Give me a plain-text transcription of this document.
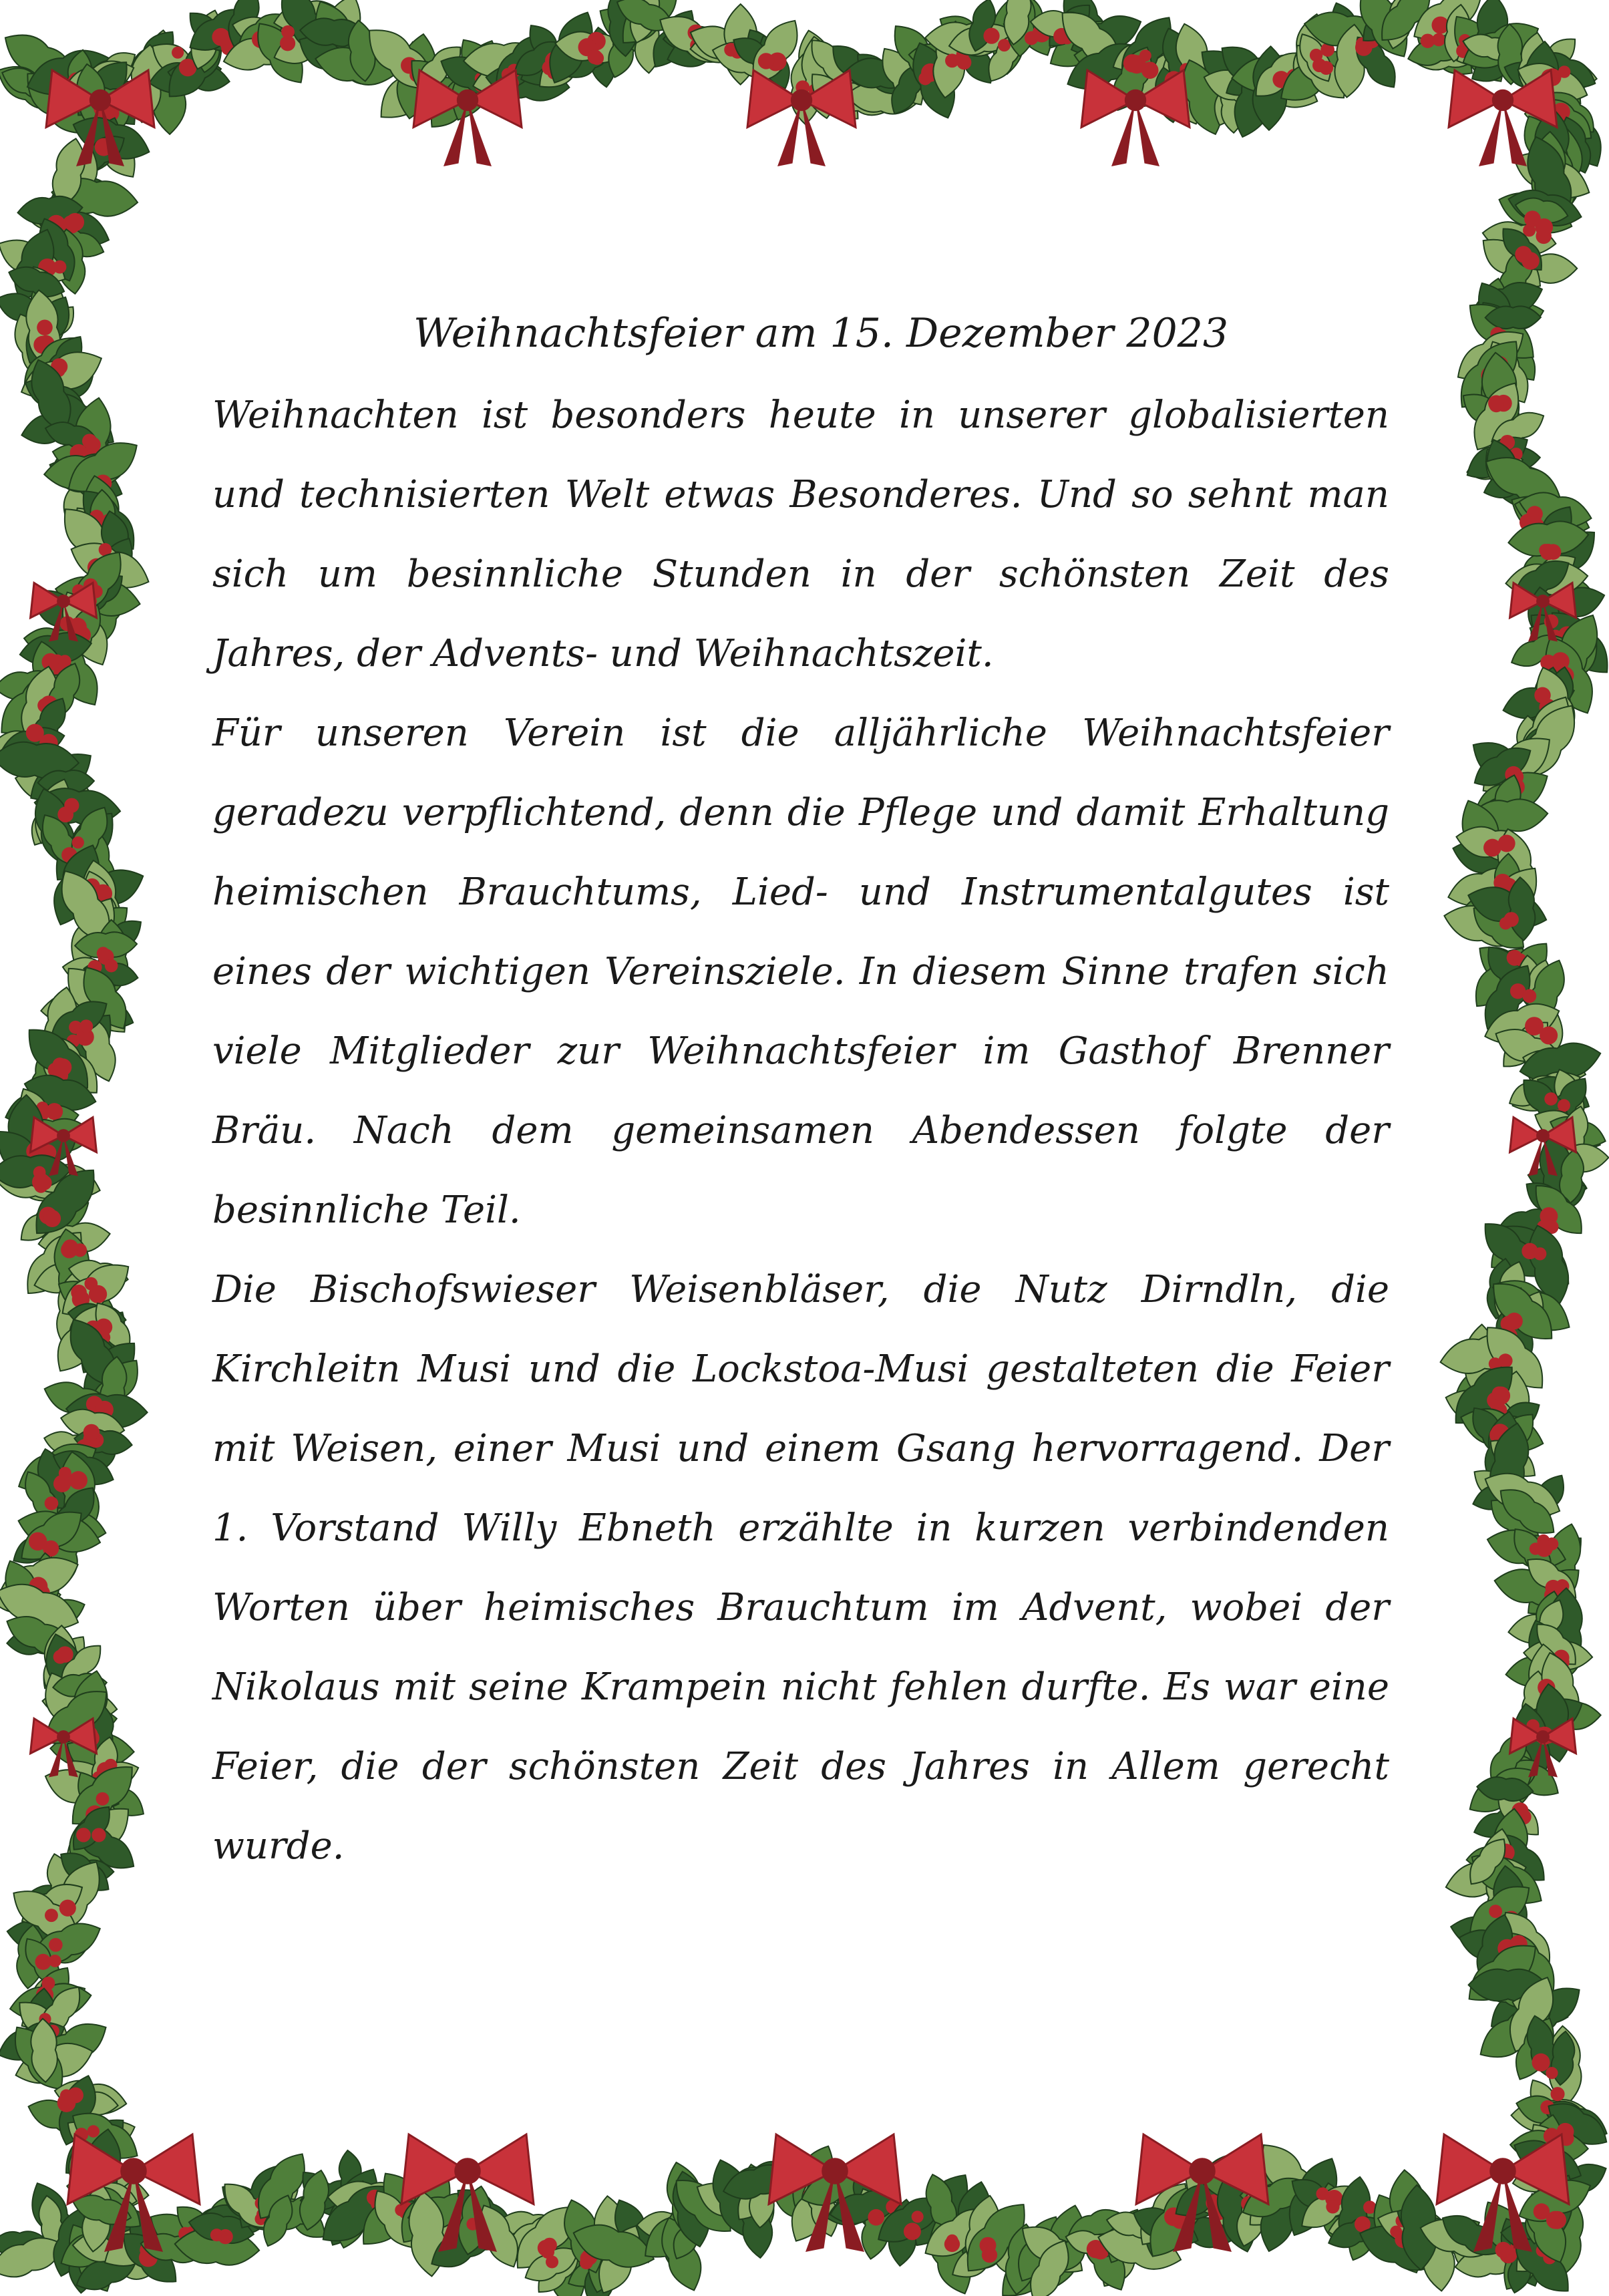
Weihnachtsfeier am 15. Dezember 2023

Weihnachten ist besonders heute in unserer globalisierten und technisierten Welt etwas Besonderes. Und so sehnt man sich um besinnliche Stunden in der schönsten Zeit des Jahres, der Advents- und Weihnachtszeit.

Für unseren Verein ist die alljährliche Weihnachtsfeier geradezu verpflichtend, denn die Pflege und damit Erhaltung heimischen Brauchtums, Lied- und Instrumentalgutes ist eines der wichtigen Vereinsziele. In diesem Sinne trafen sich viele Mitglieder zur Weihnachtsfeier im Gasthof Brenner Bräu. Nach dem gemeinsamen Abendessen folgte der besinnliche Teil.

Die Bischofswieser Weisenbläser, die Nutz Dirndln, die Kirchleitn Musi und die Lockstoa-Musi gestalteten die Feier mit Weisen, einer Musi und einem Gsang hervorragend. Der 1. Vorstand Willy Ebneth erzählte in kurzen verbindenden Worten über heimisches Brauchtum im Advent, wobei der Nikolaus mit seine Krampein nicht fehlen durfte. Es war eine Feier, die der schönsten Zeit des Jahres in Allem gerecht wurde.
